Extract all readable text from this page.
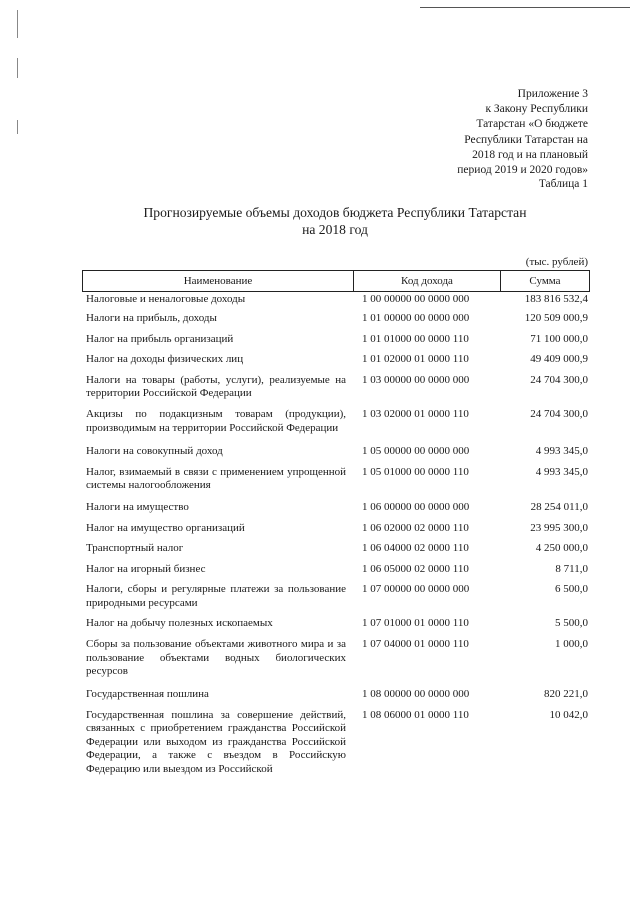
Приложение 3
к Закону Республики
Татарстан «О бюджете
Республики Татарстан на
2018 год и на плановый
период 2019 и 2020 годов»
Таблица 1
Прогнозируемые объемы доходов бюджета Республики Татарстан
на 2018 год
(тыс. рублей)
Наименование	Код дохода	Сумма
Налоговые и неналоговые доходы	1 00 00000 00 0000 000	183 816 532,4
Налоги на прибыль, доходы	1 01 00000 00 0000 000	120 509 000,9
Налог на прибыль организаций	1 01 01000 00 0000 110	71 100 000,0
Налог на доходы физических лиц	1 01 02000 01 0000 110	49 409 000,9
Налоги на товары (работы, услуги), реализуемые на территории Российской Федерации
1 03 00000 00 0000 000	24 704 300,0
Акцизы по подакцизным товарам (продукции), производимым на территории Российской Федерации
1 03 02000 01 0000 110	24 704 300,0
Налоги на совокупный доход	1 05 00000 00 0000 000	4 993 345,0
Налог, взимаемый в связи с применением упрощенной системы налогообложения
1 05 01000 00 0000 110	4 993 345,0
Налоги на имущество	1 06 00000 00 0000 000	28 254 011,0
Налог на имущество организаций	1 06 02000 02 0000 110	23 995 300,0
Транспортный налог	1 06 04000 02 0000 110	4 250 000,0
Налог на игорный бизнес	1 06 05000 02 0000 110	8 711,0
Налоги, сборы и регулярные платежи за пользование природными ресурсами
1 07 00000 00 0000 000	6 500,0
Налог на добычу полезных ископаемых	1 07 01000 01 0000 110	5 500,0
Сборы за пользование объектами животного мира и за пользование объектами водных биологических ресурсов
1 07 04000 01 0000 110	1 000,0
Государственная пошлина	1 08 00000 00 0000 000	820 221,0
Государственная пошлина за совершение действий, связанных с приобретением гражданства Российской Федерации или выходом из гражданства Российской Федерации, а также с въездом в Российскую Федерацию или выездом из Российской
1 08 06000 01 0000 110	10 042,0
